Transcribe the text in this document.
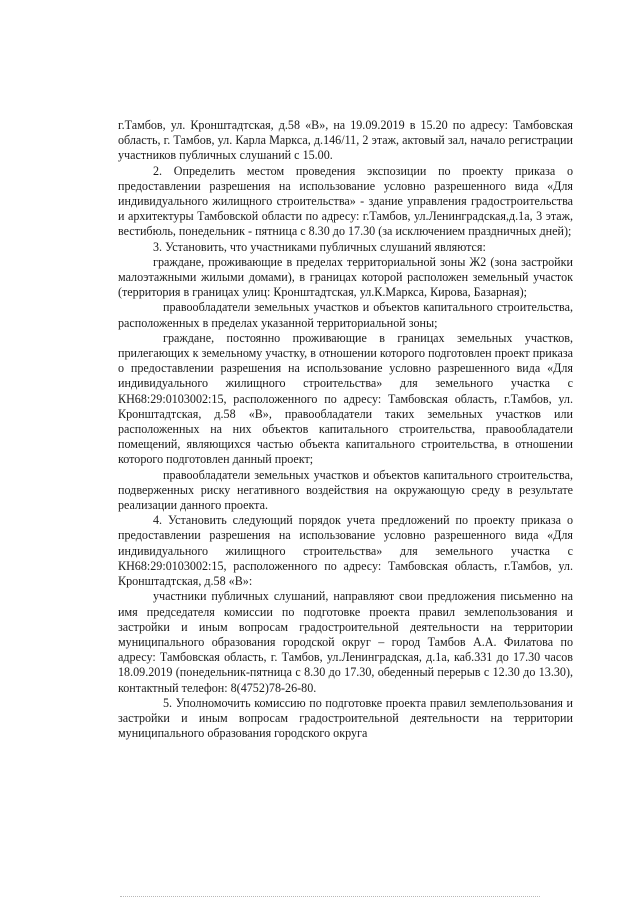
г.Тамбов, ул. Кронштадтская, д.58 «В», на 19.09.2019 в 15.20 по адресу: Тамбовская область, г. Тамбов, ул. Карла Маркса, д.146/11, 2 этаж, актовый зал, начало регистрации участников публичных слушаний с 15.00.

2. Определить местом проведения экспозиции по проекту приказа о предоставлении разрешения на использование условно разрешенного вида «Для индивидуального жилищного строительства» - здание управления градостроительства и архитектуры Тамбовской области по адресу: г.Тамбов, ул.Ленинградская,д.1а, 3 этаж, вестибюль, понедельник - пятница с 8.30 до 17.30 (за исключением праздничных дней);

3. Установить, что участниками публичных слушаний являются:

граждане, проживающие в пределах территориальной зоны Ж2 (зона застройки малоэтажными жилыми домами), в границах которой расположен земельный участок (территория в границах улиц: Кронштадтская, ул.К.Маркса, Кирова, Базарная);

правообладатели земельных участков и объектов капитального строительства, расположенных в пределах указанной территориальной зоны;

граждане, постоянно проживающие в границах земельных участков, прилегающих к земельному участку, в отношении которого подготовлен проект приказа о предоставлении разрешения на использование условно разрешенного вида «Для индивидуального жилищного строительства» для земельного участка с КН68:29:0103002:15, расположенного по адресу: Тамбовская область, г.Тамбов, ул. Кронштадтская, д.58 «В», правообладатели таких земельных участков или расположенных на них объектов капитального строительства, правообладатели помещений, являющихся частью объекта капитального строительства, в отношении которого подготовлен данный проект;

правообладатели земельных участков и объектов капитального строительства, подверженных риску негативного воздействия на окружающую среду в результате реализации данного проекта.

4. Установить следующий порядок учета предложений по проекту приказа о предоставлении разрешения на использование условно разрешенного вида «Для индивидуального жилищного строительства» для земельного участка с КН68:29:0103002:15, расположенного по адресу: Тамбовская область, г.Тамбов, ул. Кронштадтская, д.58 «В»:

участники публичных слушаний, направляют свои предложения письменно на имя председателя комиссии по подготовке проекта правил землепользования и застройки и иным вопросам градостроительной деятельности на территории муниципального образования городской округ – город Тамбов А.А. Филатова по адресу: Тамбовская область, г. Тамбов, ул.Ленинградская, д.1а, каб.331 до 17.30 часов 18.09.2019 (понедельник-пятница с 8.30 до 17.30, обеденный перерыв с 12.30 до 13.30), контактный телефон: 8(4752)78-26-80.

5. Уполномочить комиссию по подготовке проекта правил землепользования и застройки и иным вопросам градостроительной деятельности на территории муниципального образования городского округа
